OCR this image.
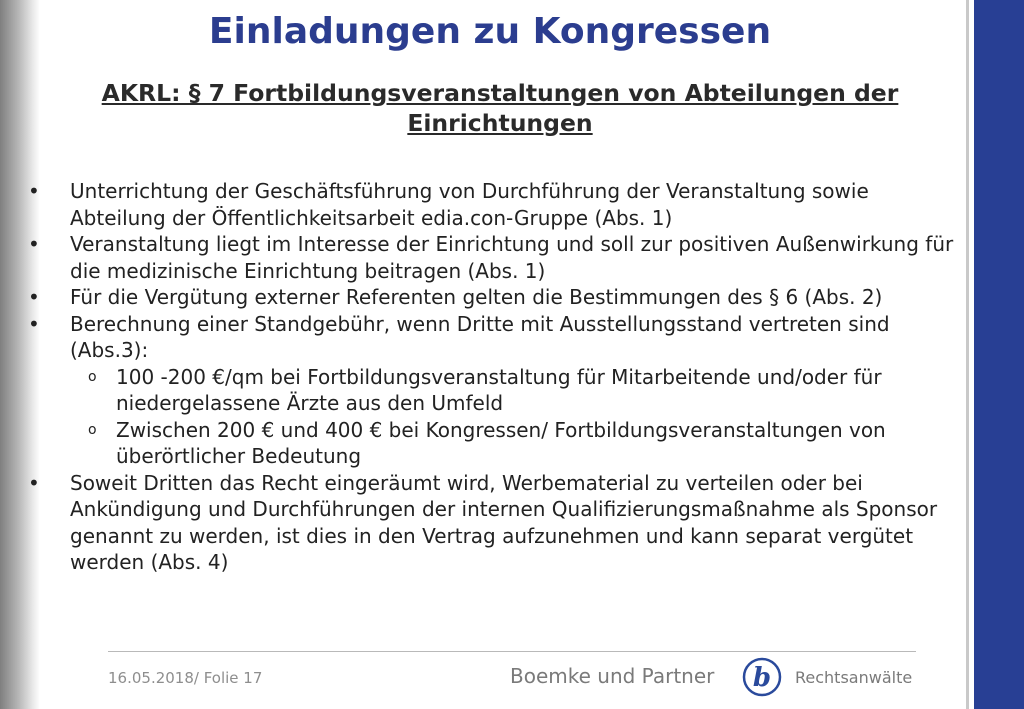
Einladungen zu Kongressen
AKRL: § 7 Fortbildungsveranstaltungen von Abteilungen der Einrichtungen
•	Unterrichtung der Geschäftsführung von Durchführung der Veranstaltung sowie Abteilung der Öffentlichkeitsarbeit edia.con-Gruppe (Abs. 1)
•	Veranstaltung liegt im Interesse der Einrichtung und soll zur positiven Außenwirkung für die medizinische Einrichtung beitragen (Abs. 1)
•	Für die Vergütung externer Referenten gelten die Bestimmungen des § 6 (Abs. 2)
•	Berechnung einer Standgebühr, wenn Dritte mit Ausstellungsstand vertreten sind (Abs.3):
o 100 -200 €/qm bei Fortbildungsveranstaltung für Mitarbeitende und/oder für niedergelassene Ärzte aus den Umfeld
o Zwischen 200 € und 400 € bei Kongressen/ Fortbildungsveranstaltungen von überörtlicher Bedeutung
•	Soweit Dritten das Recht eingeräumt wird, Werbematerial zu verteilen oder bei Ankündigung und Durchführungen der internen Qualifizierungsmaßnahme als Sponsor genannt zu werden, ist dies in den Vertrag aufzunehmen und kann separat vergütet werden (Abs. 4)
16.05.2018/ Folie 17	Boemke und Partner b Rechtsanwälte
